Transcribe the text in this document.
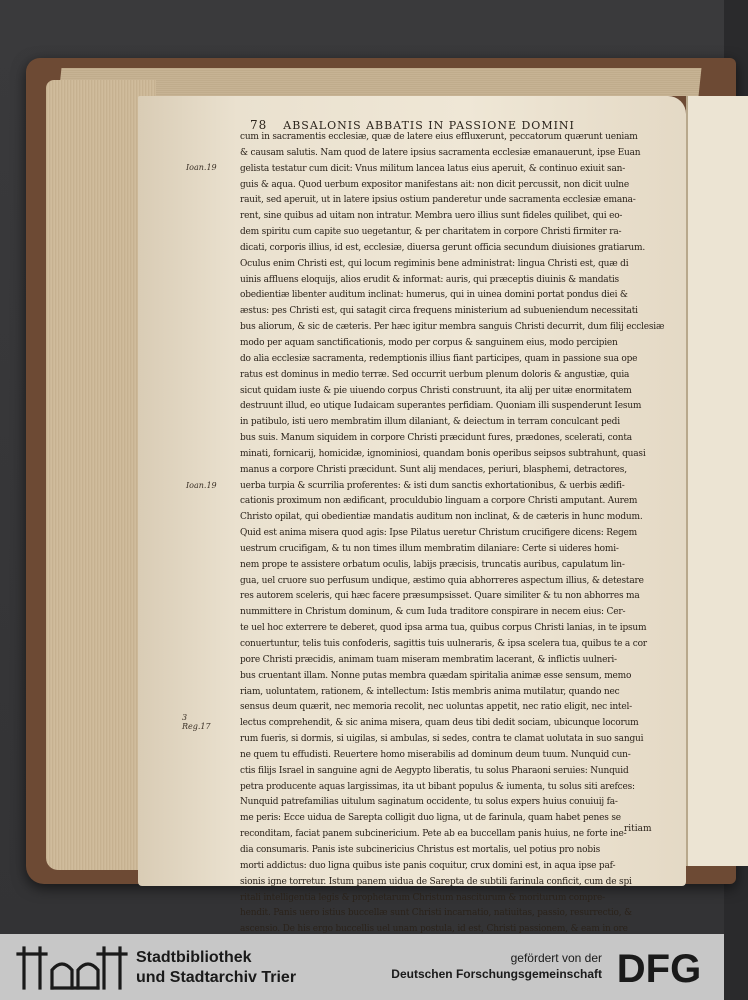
78 ABSALONIS ABBATIS IN PASSIONE DOMINI
Ioan.19
Ioan.19
3 Reg.17
cum in sacramentis ecclesiæ, quæ de latere eius effluxerunt, peccatorum quærunt ueniam
& causam salutis. Nam quod de latere ipsius sacramenta ecclesiæ emanauerunt, ipse Euan
gelista testatur cum dicit: Vnus militum lancea latus eius aperuit, & continuo exiuit san-
guis & aqua. Quod uerbum expositor manifestans ait: non dicit percussit, non dicit uulne
rauit, sed aperuit, ut in latere ipsius ostium panderetur unde sacramenta ecclesiæ emana-
rent, sine quibus ad uitam non intratur. Membra uero illius sunt fideles quilibet, qui eo-
dem spiritu cum capite suo uegetantur, & per charitatem in corpore Christi firmiter ra-
dicati, corporis illius, id est, ecclesiæ, diuersa gerunt officia secundum diuisiones gratiarum.
Oculus enim Christi est, qui locum regiminis bene administrat: lingua Christi est, quæ di
uinis affluens eloquijs, alios erudit & informat: auris, qui præceptis diuinis & mandatis
obedientiæ libenter auditum inclinat: humerus, qui in uinea domini portat pondus diei &
æstus: pes Christi est, qui satagit circa frequens ministerium ad subueniendum necessitati
bus aliorum, & sic de cæteris. Per hæc igitur membra sanguis Christi decurrit, dum filij ecclesiæ
modo per aquam sanctificationis, modo per corpus & sanguinem eius, modo percipien
do alia ecclesiæ sacramenta, redemptionis illius fiant participes, quam in passione sua ope
ratus est dominus in medio terræ. Sed occurrit uerbum plenum doloris & angustiæ, quia
sicut quidam iuste & pie uiuendo corpus Christi construunt, ita alij per uitæ enormitatem
destruunt illud, eo utique Iudaicam superantes perfidiam. Quoniam illi suspenderunt Iesum
in patibulo, isti uero membratim illum dilaniant, & deiectum in terram conculcant pedi
bus suis. Manum siquidem in corpore Christi præcidunt fures, prædones, scelerati, conta
minati, fornicarij, homicidæ, ignominiosi, quandam bonis operibus seipsos subtrahunt, quasi
manus a corpore Christi præcidunt. Sunt alij mendaces, periuri, blasphemi, detractores,
uerba turpia & scurrilia proferentes: & isti dum sanctis exhortationibus, & uerbis ædifi-
cationis proximum non ædificant, proculdubio linguam a corpore Christi amputant. Aurem
Christo opilat, qui obedientiæ mandatis auditum non inclinat, & de cæteris in hunc modum.
Quid est anima misera quod agis: Ipse Pilatus ueretur Christum crucifigere dicens: Regem
uestrum crucifigam, & tu non times illum membratim dilaniare: Certe si uideres homi-
nem prope te assistere orbatum oculis, labijs præcisis, truncatis auribus, capulatum lin-
gua, uel cruore suo perfusum undique, æstimo quia abhorreres aspectum illius, & detestare
res autorem sceleris, qui hæc facere præsumpsisset. Quare similiter & tu non abhorres ma
nummittere in Christum dominum, & cum Iuda traditore conspirare in necem eius: Cer-
te uel hoc exterrere te deberet, quod ipsa arma tua, quibus corpus Christi lanias, in te ipsum
conuertuntur, telis tuis confoderis, sagittis tuis uulneraris, & ipsa scelera tua, quibus te a cor
pore Christi præcidis, animam tuam miseram membratim lacerant, & inflictis uulneri-
bus cruentant illam. Nonne putas membra quædam spiritalia animæ esse sensum, memo
riam, uoluntatem, rationem, & intellectum: Istis membris anima mutilatur, quando nec
sensus deum quærit, nec memoria recolit, nec uoluntas appetit, nec ratio eligit, nec intel-
lectus comprehendit, & sic anima misera, quam deus tibi dedit sociam, ubicunque locorum
rum fueris, si dormis, si uigilas, si ambulas, si sedes, contra te clamat uolutata in suo sangui
ne quem tu effudisti. Reuertere homo miserabilis ad dominum deum tuum. Nunquid cun-
ctis filijs Israel in sanguine agni de Aegypto liberatis, tu solus Pharaoni seruies: Nunquid
petra producente aquas largissimas, ita ut bibant populus & iumenta, tu solus siti arefces:
Nunquid patrefamilias uitulum saginatum occidente, tu solus expers huius conuiuij fa-
me peris: Ecce uidua de Sarepta colligit duo ligna, ut de farinula, quam habet penes se
reconditam, faciat panem subcinericium. Pete ab ea buccellam panis huius, ne forte ine-
dia consumaris. Panis iste subcinericius Christus est mortalis, uel potius pro nobis
morti addictus: duo ligna quibus iste panis coquitur, crux domini est, in aqua ipse paf-
sionis igne torretur. Istum panem uidua de Sarepta de subtili farinula conficit, cum de spi
ritali intelligentia legis & prophetarum Christum nasciturum & moriturum compre-
hendit. Panis uero istius buccellæ sunt Christi incarnatio, natiuitas, passio, resurrectio, &
ascensio. De his ergo buccellis uel unam postula, id est, Christi passionem, & eam in ore
ritiam
Stadtbibliothek
und Stadtarchiv Trier
gefördert von der
Deutschen Forschungsgemeinschaft DFG
